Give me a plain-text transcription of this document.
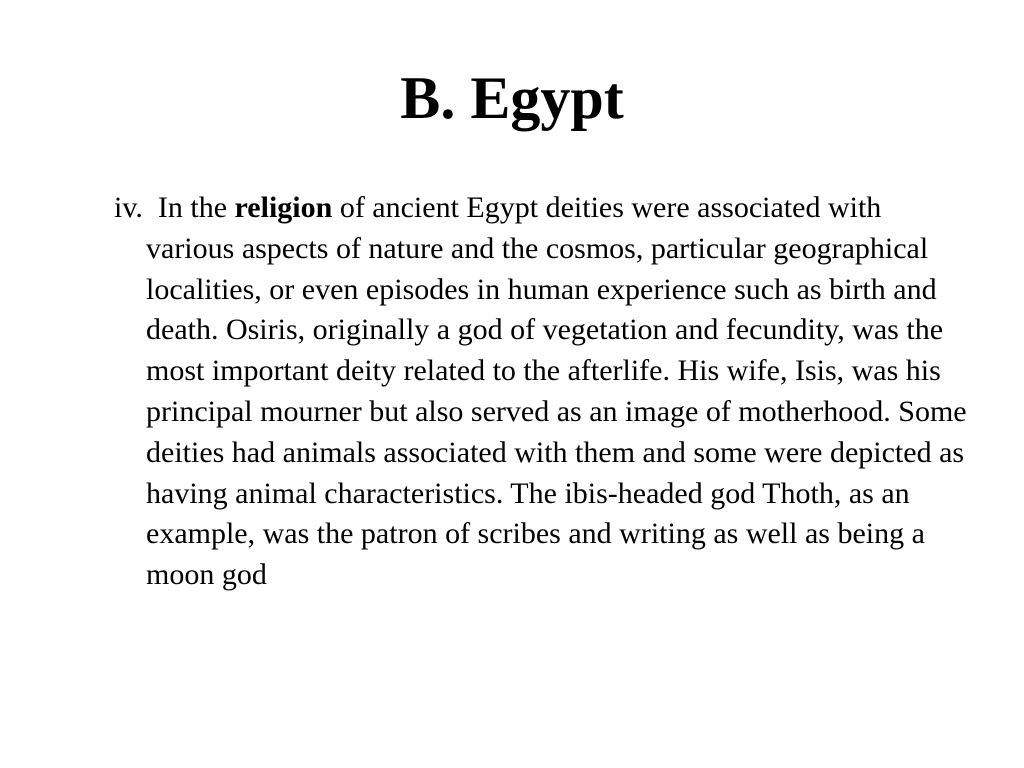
B. Egypt

iv.  In the religion of ancient Egypt deities were associated with various aspects of nature and the cosmos, particular geographical localities, or even episodes in human experience such as birth and death. Osiris, originally a god of vegetation and fecundity, was the most important deity related to the afterlife. His wife, Isis, was his principal mourner but also served as an image of motherhood. Some deities had animals associated with them and some were depicted as having animal characteristics. The ibis-headed god Thoth, as an example, was the patron of scribes and writing as well as being a moon god
